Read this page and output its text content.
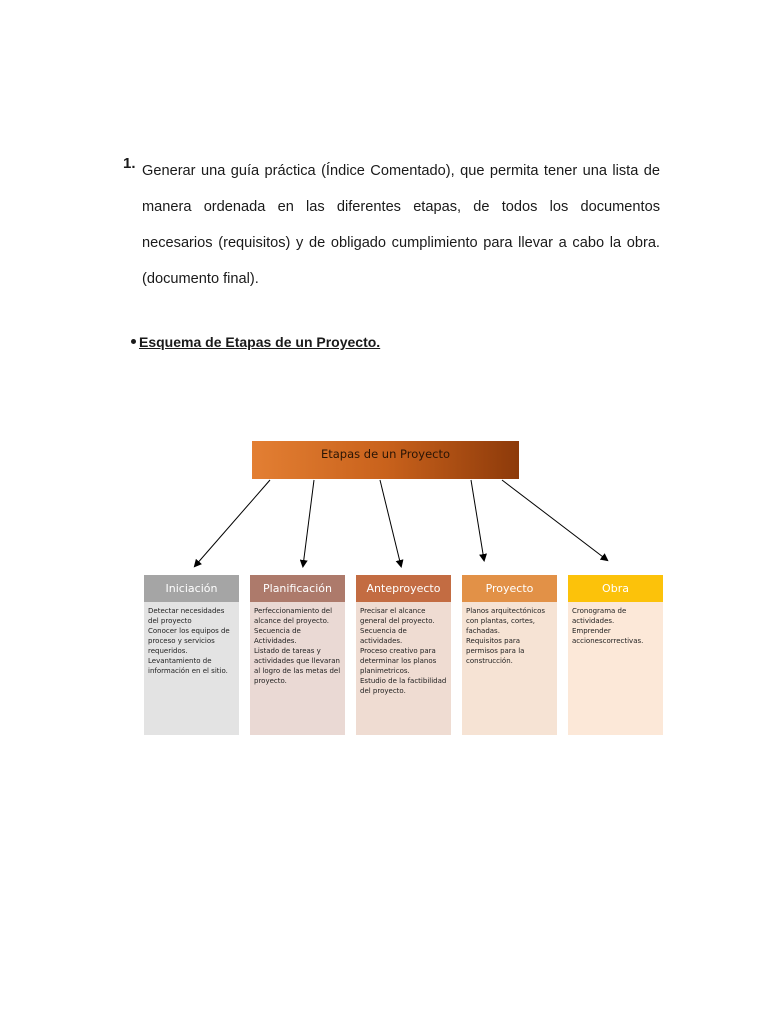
1. Generar una guía práctica (Índice Comentado), que permita tener una lista de manera ordenada en las diferentes etapas, de todos los documentos necesarios (requisitos) y de obligado cumplimiento para llevar a cabo la obra. (documento final).

Esquema de Etapas de un Proyecto.
Etapas de un Proyecto
Iniciación
Detectar necesidades del proyecto
Conocer los equipos de proceso y servicios requeridos.
Levantamiento de información en el sitio.
Planificación
Perfeccionamiento del alcance del proyecto.
Secuencia de Actividades.
Listado de tareas y actividades que llevaran al logro de las metas del proyecto.
Anteproyecto
Precisar el alcance general del proyecto.
Secuencia de actividades.
Proceso creativo para determinar los planos planimetricos.
Estudio de la factibilidad del proyecto.
Proyecto
Planos arquitectónicos con plantas, cortes, fachadas.
Requisitos para permisos para la construcción.
Obra
Cronograma de actividades.
Emprender accionescorrectivas.
